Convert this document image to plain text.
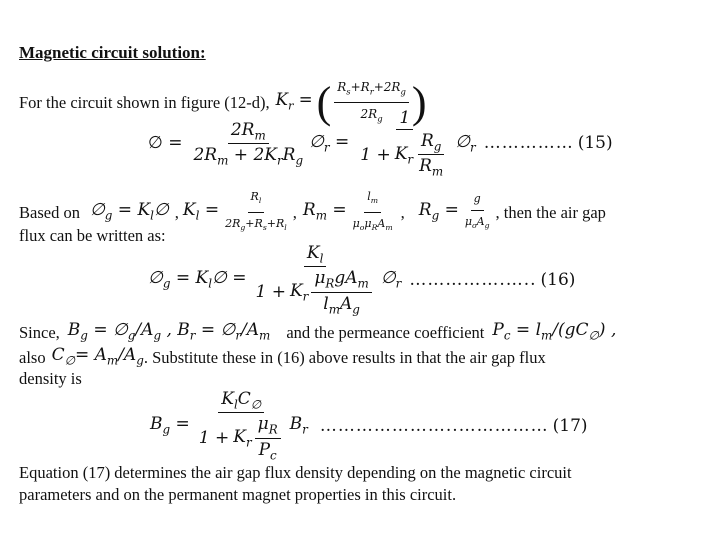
Magnetic circuit solution:
For the circuit shown in figure (12-d), $K_r$ = ( $\frac{R_s+R_r+2R_g}{2R_g}$ )
∅ = $\frac{2R_m}{2R_m + 2K_rR_g}$ $\emptyset_r = \frac{1}{1 + K_r \frac{R_g}{R_m}}$ $\emptyset_r$ …………… (15)
Based on $\emptyset_g$ = $K_l\emptyset$ , $K_l = \frac{R_l}{2R_g+R_s+R_l}$ , $R_m = \frac{l_m}{\mu_o\mu_RA_m}$ , $R_g = \frac{g}{\mu_oA_g}$ , then the air gap
flux can be written as:
$\emptyset_g$ = $K_l\emptyset = \frac{K_l}{1 + K_r \frac{\mu_RgA_m}{l_mA_g}}$ $\emptyset_r$ …………….….. (16)
Since, $B_g$ = $\emptyset_g/A_g$ , $B_r$ = $\emptyset_r/A_m$ and the permeance coefficient $P_c = l_m/(gC_\emptyset)$ ,
also $C_\emptyset= A_m/A_g$ . Substitute these in (16) above results in that the air gap flux
density is
$B_g = \frac{K_lC_\emptyset}{1 + K_r \frac{\mu_R}{P_c}} B_r$ …………………..…………… (17)
Equation (17) determines the air gap flux density depending on the magnetic circuit
parameters and on the permanent magnet properties in this circuit.
